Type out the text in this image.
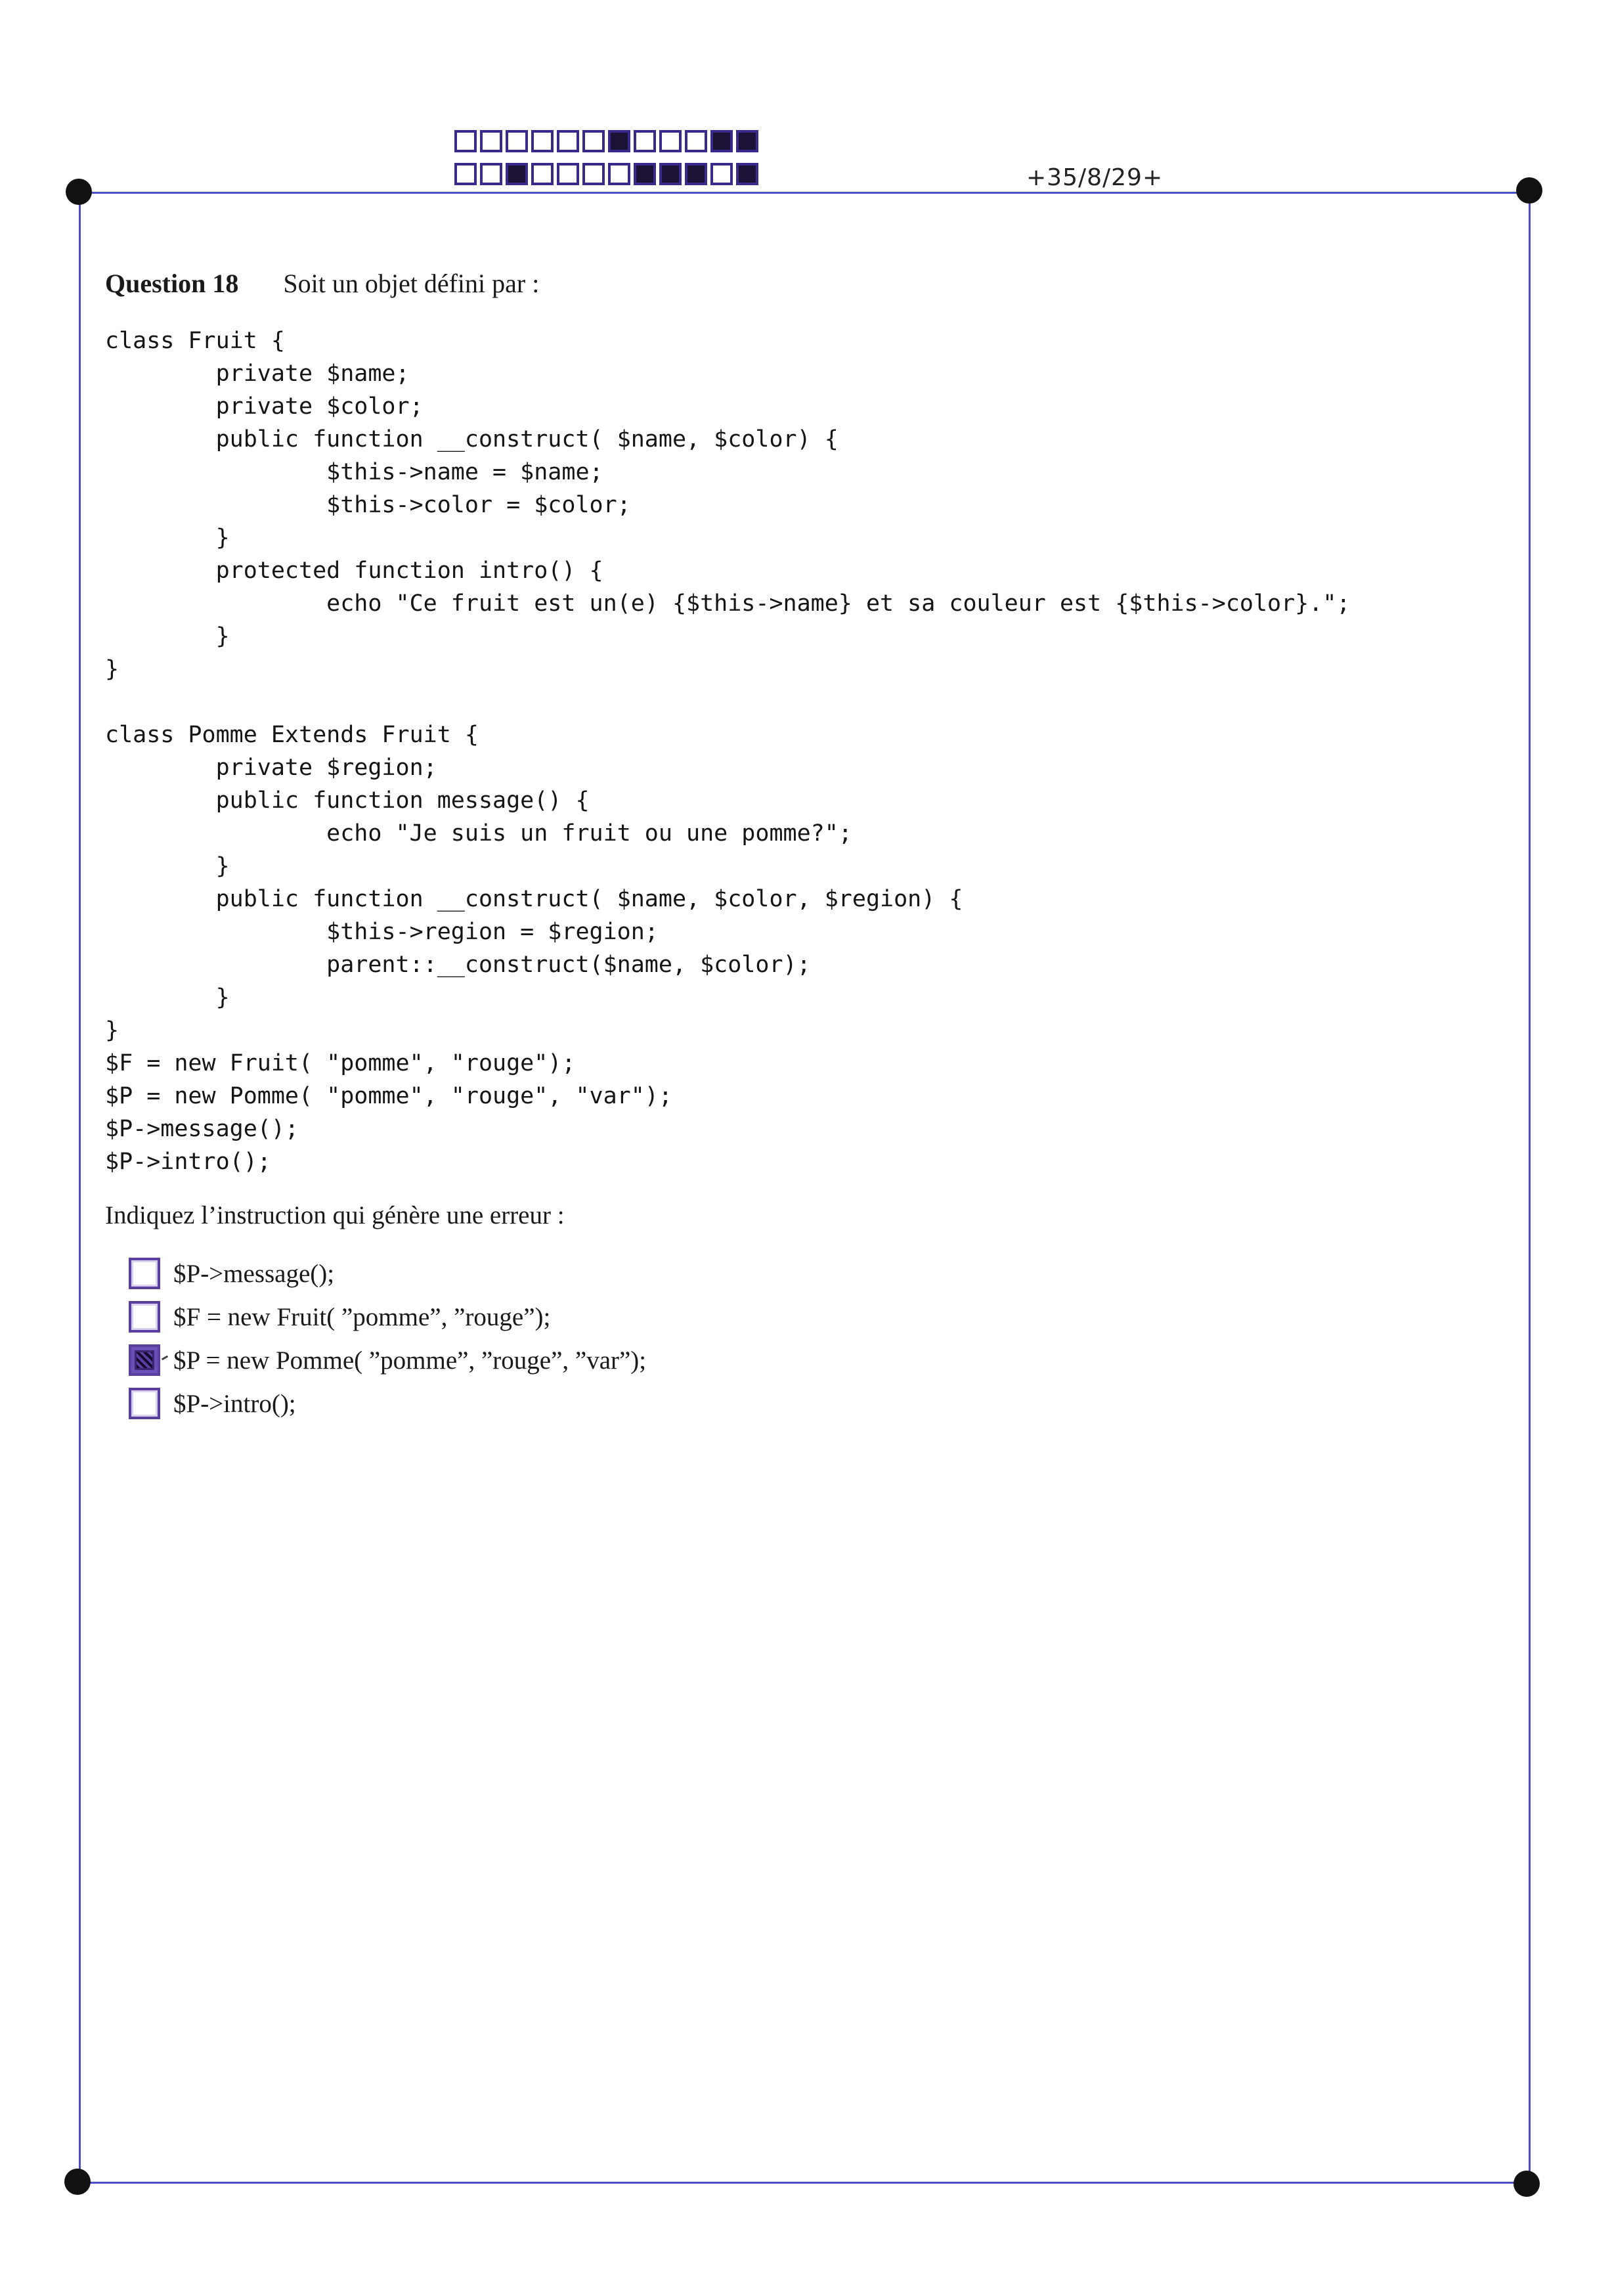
+35/8/29+
Question 18 Soit un objet défini par :
class Fruit {
private $name;
private $color;
public function __construct( $name, $color) {
$this->name = $name;
$this->color = $color;
}
protected function intro() {
echo "Ce fruit est un(e) {$this->name} et sa couleur est {$this->color}.";
}
}
class Pomme Extends Fruit {
private $region;
public function message() {
echo "Je suis un fruit ou une pomme?";
}
public function __construct( $name, $color, $region) {
$this->region = $region;
parent::__construct($name, $color);
}
}
$F = new Fruit( "pomme", "rouge");
$P = new Pomme( "pomme", "rouge", "var");
$P->message();
$P->intro();
Indiquez l’instruction qui génère une erreur :
$P->message();
$F = new Fruit( ”pomme”, ”rouge”);
$P = new Pomme( ”pomme”, ”rouge”, ”var”);
$P->intro();
